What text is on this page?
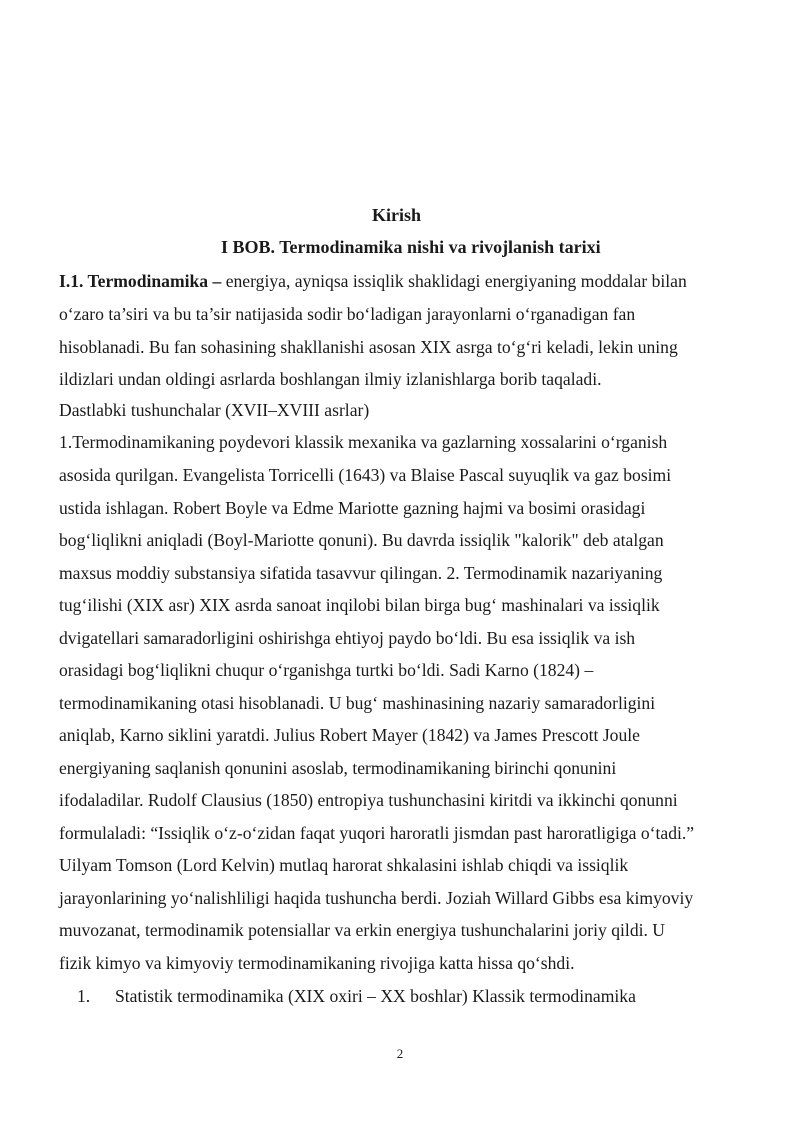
Kirish
I BOB. Termodinamika nishi va rivojlanish tarixi

I.1. Termodinamika – energiya, ayniqsa issiqlik shaklidagi energiyaning moddalar bilan

o‘zaro ta’siri va bu ta’sir natijasida sodir bo‘ladigan jarayonlarni o‘rganadigan fan

hisoblanadi. Bu fan sohasining shakllanishi asosan XIX asrga to‘g‘ri keladi, lekin uning

ildizlari undan oldingi asrlarda boshlangan ilmiy izlanishlarga borib taqaladi.

Dastlabki tushunchalar (XVII–XVIII asrlar)

1.Termodinamikaning poydevori klassik mexanika va gazlarning xossalarini o‘rganish

asosida qurilgan. Evangelista Torricelli (1643) va Blaise Pascal suyuqlik va gaz bosimi

ustida ishlagan. Robert Boyle va Edme Mariotte gazning hajmi va bosimi orasidagi

bog‘liqlikni aniqladi (Boyl-Mariotte qonuni). Bu davrda issiqlik "kalorik" deb atalgan

maxsus moddiy substansiya sifatida tasavvur qilingan. 2. Termodinamik nazariyaning

tug‘ilishi (XIX asr) XIX asrda sanoat inqilobi bilan birga bug‘ mashinalari va issiqlik

dvigatellari samaradorligini oshirishga ehtiyoj paydo bo‘ldi. Bu esa issiqlik va ish

orasidagi bog‘liqlikni chuqur o‘rganishga turtki bo‘ldi. Sadi Karno (1824) –

termodinamikaning otasi hisoblanadi. U bug‘ mashinasining nazariy samaradorligini

aniqlab, Karno siklini yaratdi. Julius Robert Mayer (1842) va James Prescott Joule

energiyaning saqlanish qonunini asoslab, termodinamikaning birinchi qonunini

ifodaladilar. Rudolf Clausius (1850) entropiya tushunchasini kiritdi va ikkinchi qonunni

formulaladi: “Issiqlik o‘z-o‘zidan faqat yuqori haroratli jismdan past haroratligiga o‘tadi.”

Uilyam Tomson (Lord Kelvin) mutlaq harorat shkalasini ishlab chiqdi va issiqlik

jarayonlarining yo‘nalishliligi haqida tushuncha berdi. Joziah Willard Gibbs esa kimyoviy

muvozanat, termodinamik potensiallar va erkin energiya tushunchalarini joriy qildi. U

fizik kimyo va kimyoviy termodinamikaning rivojiga katta hissa qo‘shdi.

1. Statistik termodinamika (XIX oxiri – XX boshlar) Klassik termodinamika

2
